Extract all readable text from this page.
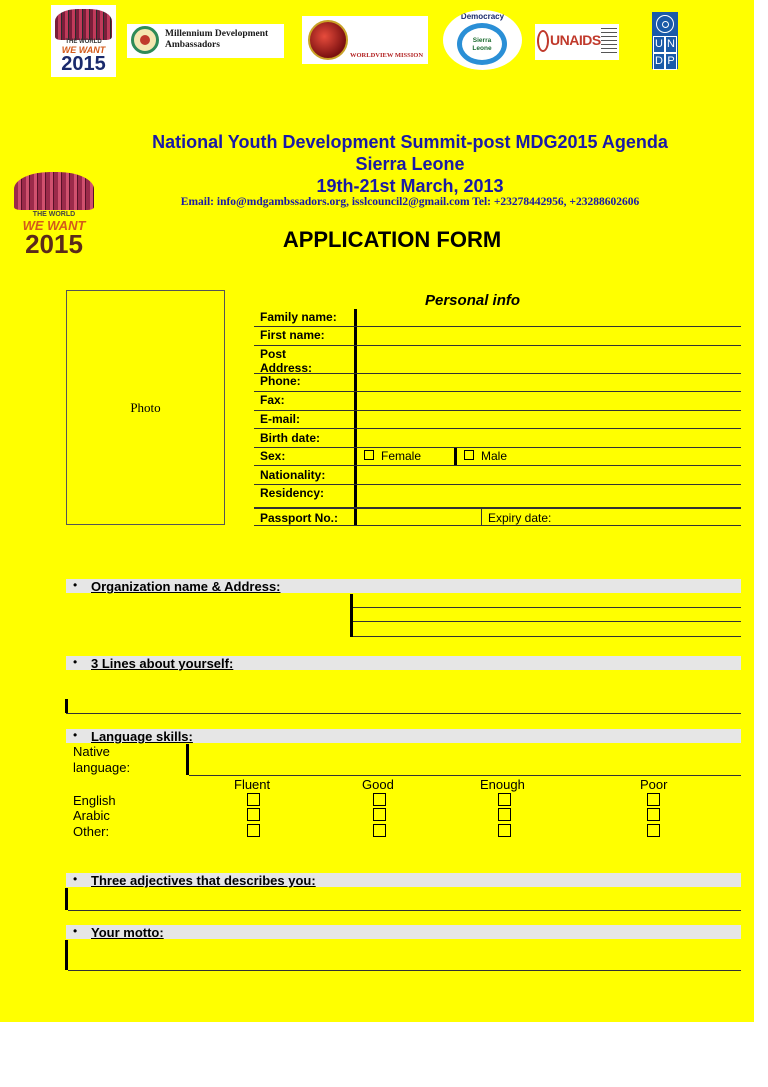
THE WORLD
WE WANT
2015
Millennium Development
Ambassadors
WORLDVIEW MISSION
Democracy
Sierra
Leone
UNAIDS	U N
D P
THE WORLD
WE WANT
2015
National Youth Development Summit-post MDG2015 Agenda
Sierra Leone
19th-21st March, 2013
Email: info@mdgambssadors.org, isslcouncil2@gmail.com Tel: +23278442956, +23288602606
APPLICATION FORM
Photo
Personal info
Family name:
First name:
Post
Address:
Phone:
Fax:
E-mail:
Birth date:
Sex:	Female	Male
Nationality:
Residency:
Passport No.:	Expiry date:
• Organization name & Address:
• 3 Lines about yourself:
• Language skills:
Native
language:
Fluent	Good	Enough	Poor
English
Arabic
Other:
• Three adjectives that describes you:
• Your motto:
